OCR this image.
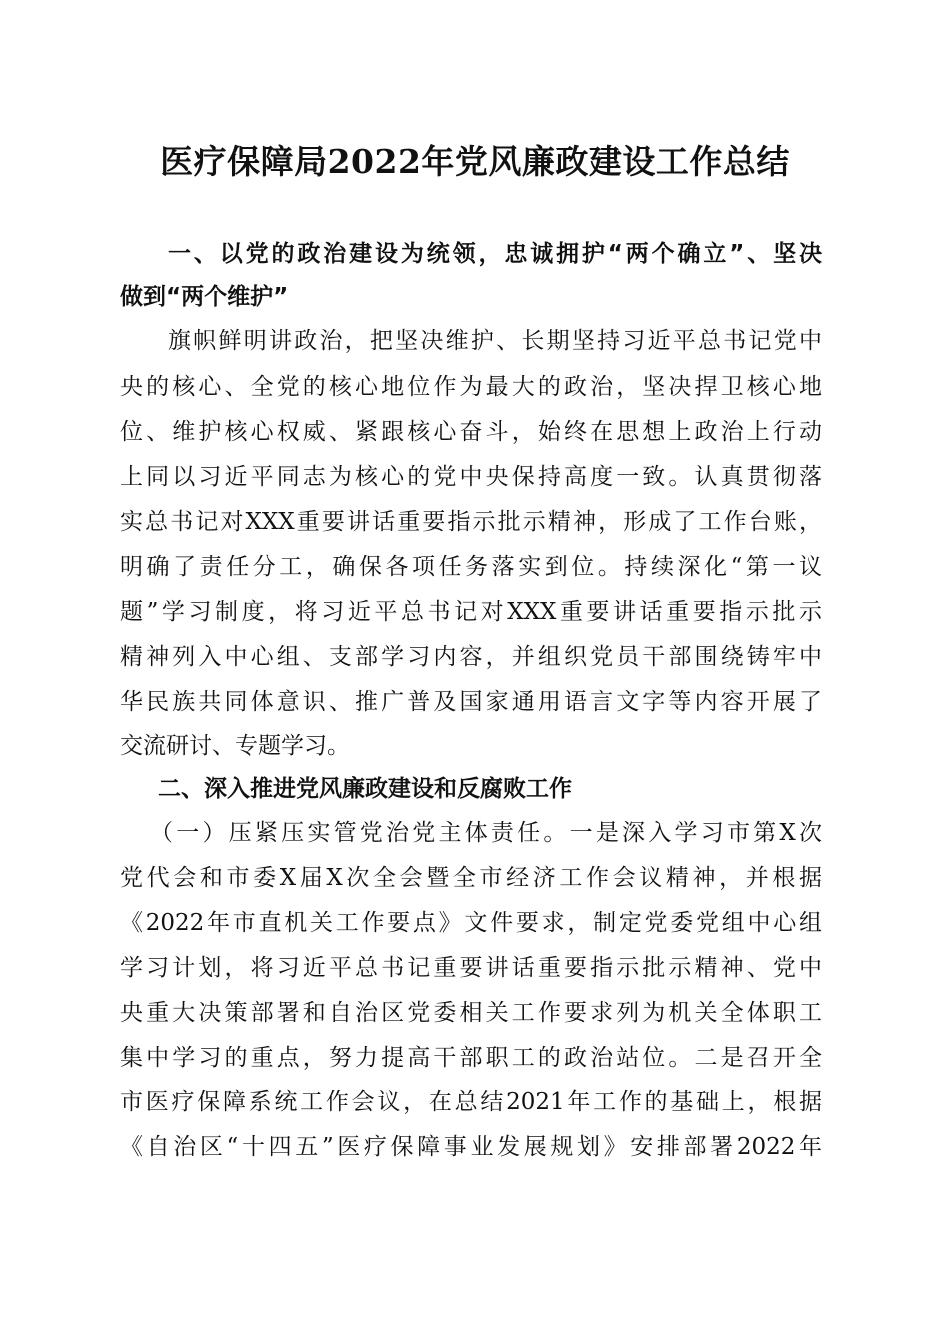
医疗保障局2022年党风廉政建设工作总结
一、以党的政治建设为统领，忠诚拥护“两个确立”、坚决
做到“两个维护”
旗帜鲜明讲政治，把坚决维护、长期坚持习近平总书记党中
央的核心、全党的核心地位作为最大的政治，坚决捍卫核心地
位、维护核心权威、紧跟核心奋斗，始终在思想上政治上行动
上同以习近平同志为核心的党中央保持高度一致。认真贯彻落
实总书记对XXX重要讲话重要指示批示精神，形成了工作台账，
明确了责任分工，确保各项任务落实到位。持续深化“第一议
题”学习制度，将习近平总书记对XXX重要讲话重要指示批示
精神列入中心组、支部学习内容，并组织党员干部围绕铸牢中
华民族共同体意识、推广普及国家通用语言文字等内容开展了
交流研讨、专题学习。
二、深入推进党风廉政建设和反腐败工作
（一）压紧压实管党治党主体责任。一是深入学习市第X次
党代会和市委X届X次全会暨全市经济工作会议精神，并根据
《2022年市直机关工作要点》文件要求，制定党委党组中心组
学习计划，将习近平总书记重要讲话重要指示批示精神、党中
央重大决策部署和自治区党委相关工作要求列为机关全体职工
集中学习的重点，努力提高干部职工的政治站位。二是召开全
市医疗保障系统工作会议，在总结2021年工作的基础上，根据
《自治区“十四五”医疗保障事业发展规划》安排部署2022年
